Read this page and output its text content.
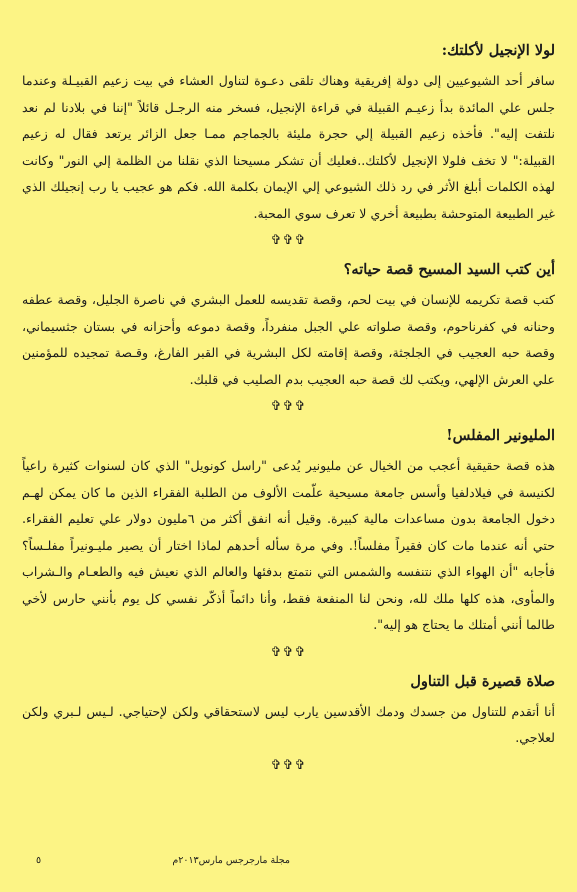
لولا الإنجيل لأكلتك:

سافر أحد الشيوعيين إلى دولة إفريقية وهناك تلقى دعـوة لتناول العشاء في بيت زعيم القبيـلة وعندما جلس علي المائدة بدأ زعيـم القبيلة في قراءة الإنجيل، فسخر منه الرجـل قائلاً "إننا في بلادنا لم نعد نلتفت إليه". فأخذه زعيم القبيلة إلي حجرة مليئة بالجماجم ممـا جعل الزائر يرتعد فقال له زعيم القبيلة:" لا تخف فلولا الإنجيل لأكلتك..فعليك أن تشكر مسيحنا الذي نقلنا من الظلمة إلي النور" وكانت لهذه الكلمات أبلغ الأثر في رد ذلك الشيوعي إلي الإيمان بكلمة الله. فكم هو عجيب يا رب إنجيلك الذي غير الطبيعة المتوحشة بطبيعة أخري لا تعرف سوي المحبة.

✞✞✞
أين كتب السيد المسيح قصة حياته؟

كتب قصة تكريمه للإنسان في بيت لحم، وقصة تقديسه للعمل البشري في ناصرة الجليل، وقصة عطفه وحنانه في كفرناحوم، وقصة صلواته علي الجبل منفرداً، وقصة دموعه وأحزانه في بستان جثسيماني، وقصة حبه العجيب في الجلجثة، وقصة إقامته لكل البشرية في القبر الفارغ، وقـصة تمجيده للمؤمنين علي العرش الإلهي، ويكتب لك قصة حبه العجيب بدم الصليب في قلبك.

✞✞✞
المليونير المفلس!

هذه قصة حقيقية أعجب من الخيال عن مليونير يُدعى "راسل كونويل" الذي كان لسنوات كثيرة راعياً لكنيسة في فيلادلفيا وأسس جامعة مسيحية علّمت الألوف من الطلبة الفقراء الذين ما كان يمكن لهـم دخول الجامعة بدون مساعدات مالية كبيرة. وقيل أنه انفق أكثر من ٦مليون دولار علي تعليم الفقراء. حتي أنه عندما مات كان فقيراً مفلساً!. وفي مرة سأله أحدهم لماذا اختار أن يصير مليـونيراً مفلـساً؟ فأجابه "أن الهواء الذي نتنفسه والشمس التي نتمتع بدفئها والعالم الذي نعيش فيه والطعـام والـشراب والمأوى، هذه كلها ملك لله، ونحن لنا المنفعة فقط، وأنا دائماً أذكّر نفسي كل يوم بأنني حارس لأخي طالما أنني أمتلك ما يحتاج هو إليه".

✞✞✞
صلاة قصيرة قبل التناول

أنا أتقدم للتناول من جسدك ودمك الأقدسين يارب ليس لاستحقاقي ولكن لإحتياجي. لـيس لـبري ولكن لعلاجي.

✞✞✞
مجلة مارجرجس مارس٢٠١٣م
٥
